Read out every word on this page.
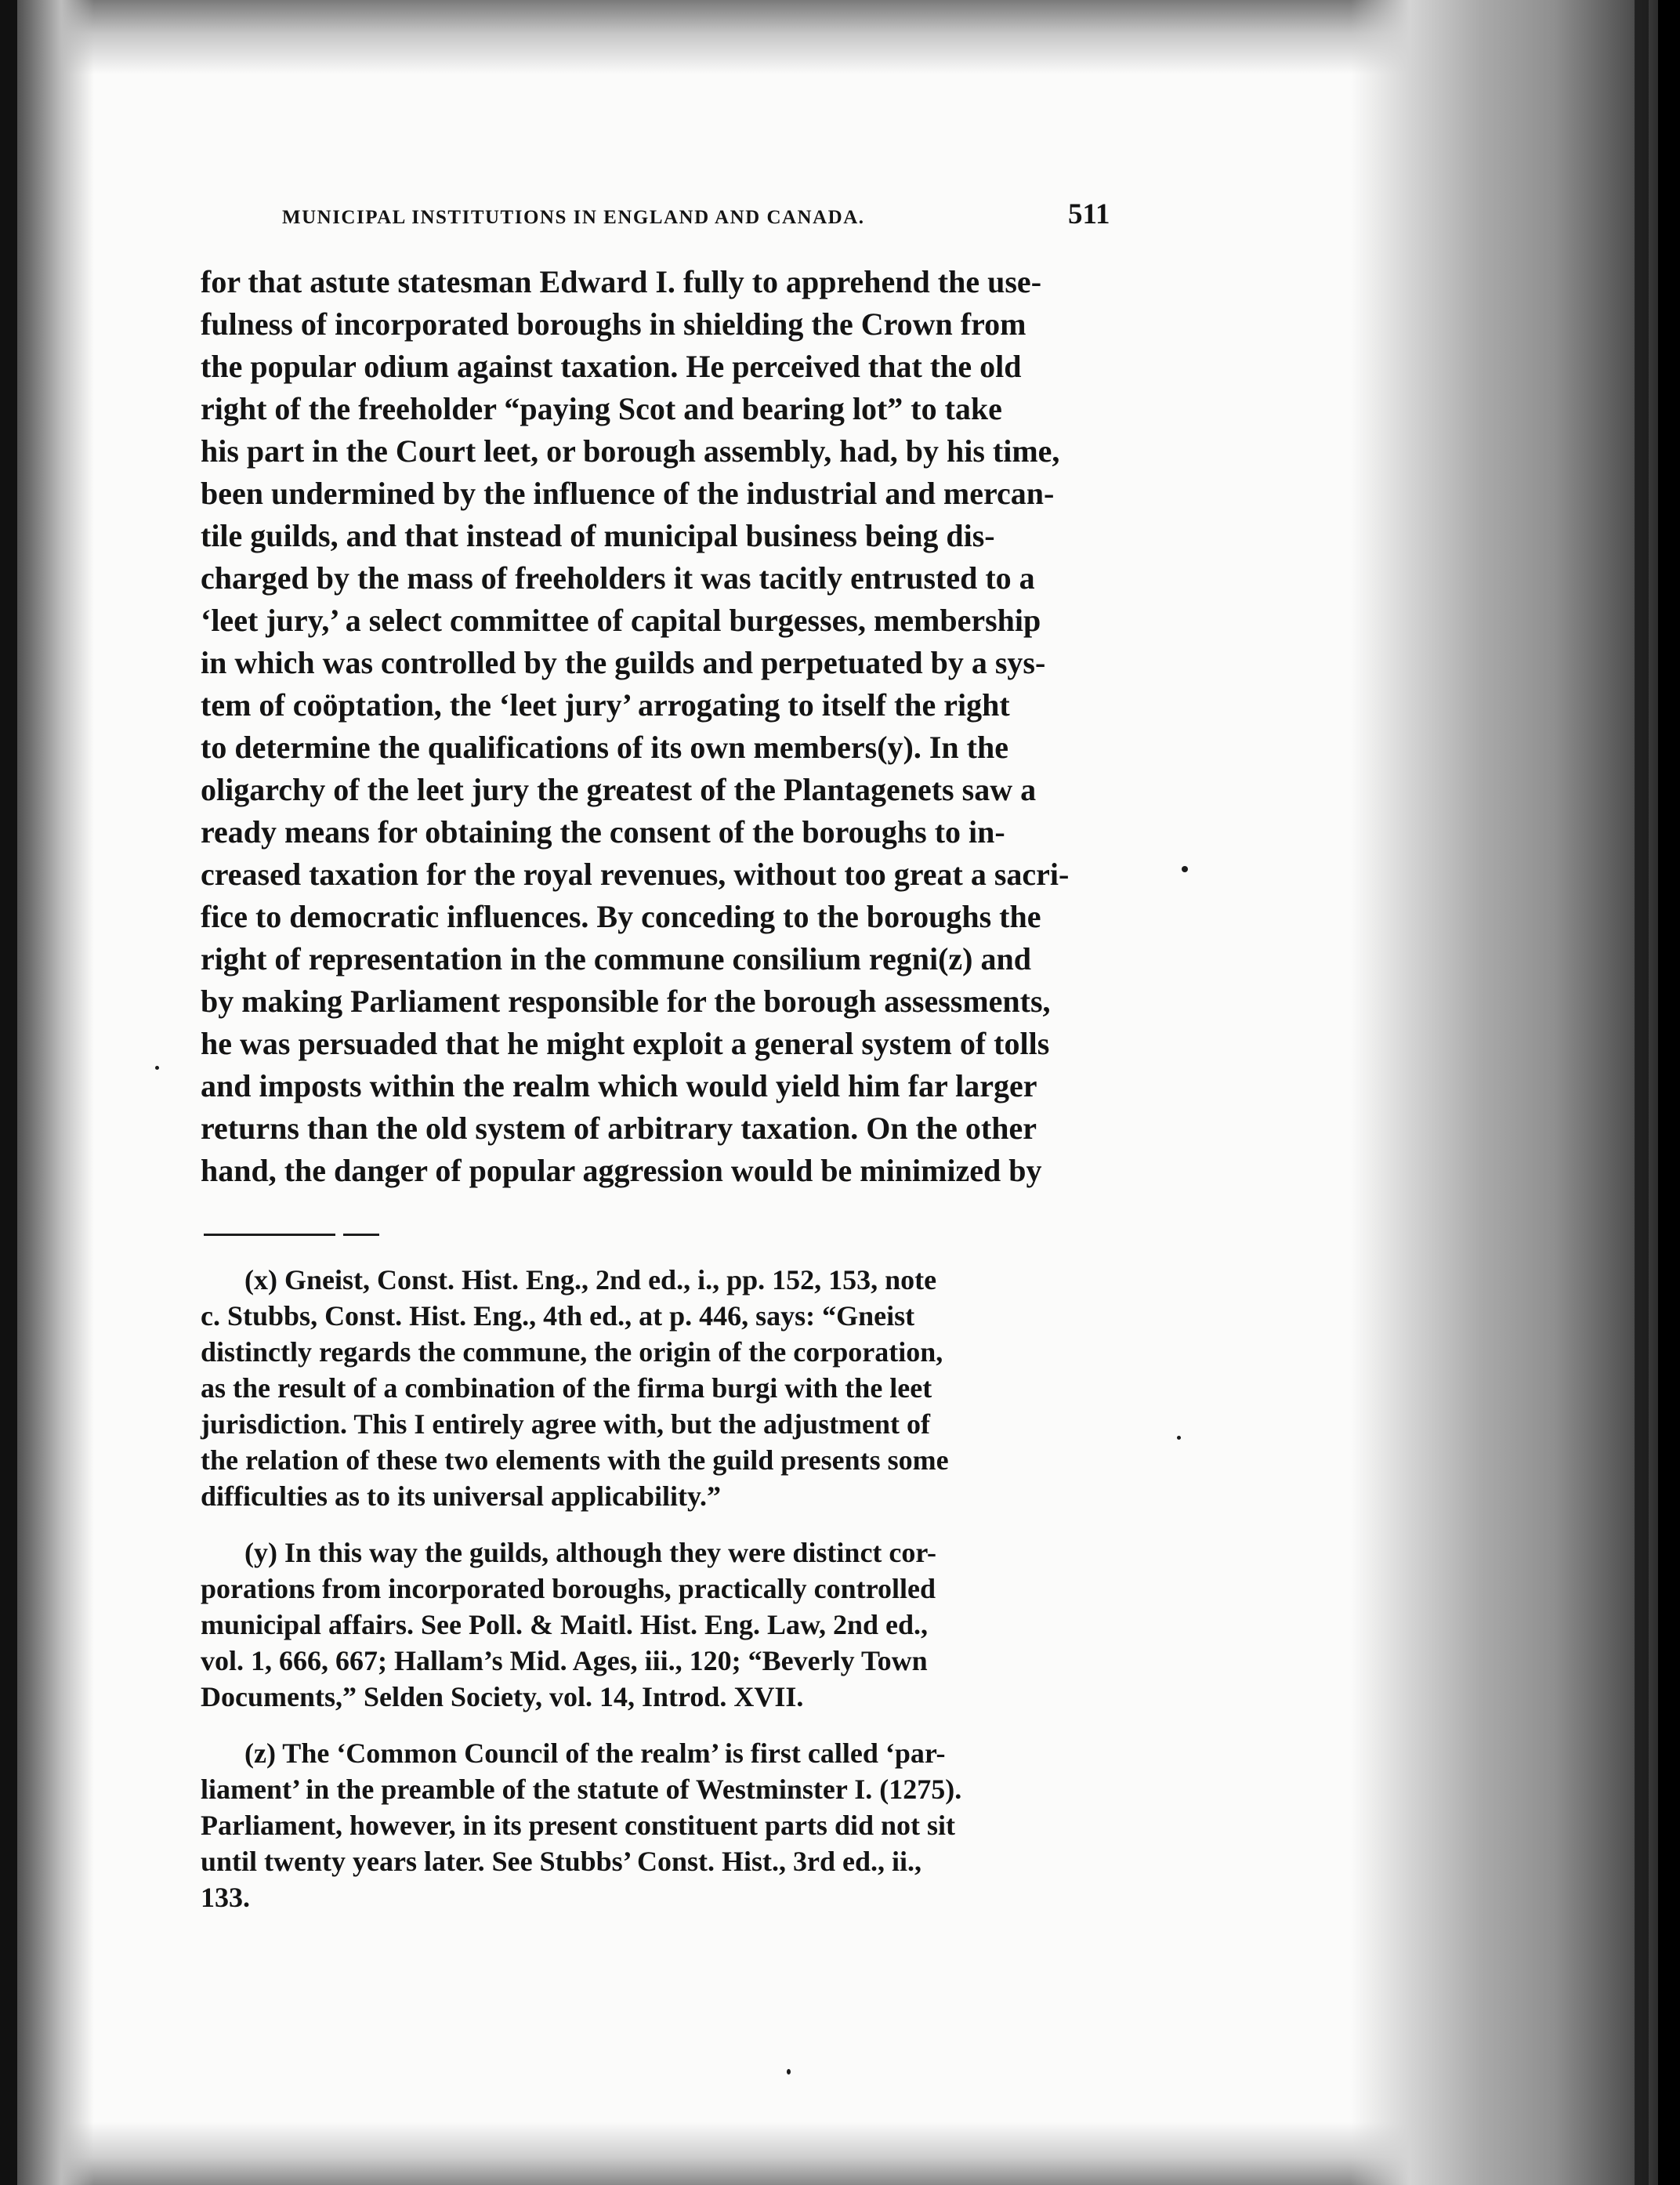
MUNICIPAL INSTITUTIONS IN ENGLAND AND CANADA.	511
for that astute statesman Edward I. fully to apprehend the use-
fulness of incorporated boroughs in shielding the Crown from
the popular odium against taxation. He perceived that the old
right of the freeholder “paying Scot and bearing lot” to take
his part in the Court leet, or borough assembly, had, by his time,
been undermined by the influence of the industrial and mercan-
tile guilds, and that instead of municipal business being dis-
charged by the mass of freeholders it was tacitly entrusted to a
‘leet jury,’ a select committee of capital burgesses, membership
in which was controlled by the guilds and perpetuated by a sys-
tem of coöptation, the ‘leet jury’ arrogating to itself the right
to determine the qualifications of its own members(y). In the
oligarchy of the leet jury the greatest of the Plantagenets saw a
ready means for obtaining the consent of the boroughs to in-
creased taxation for the royal revenues, without too great a sacri-
fice to democratic influences. By conceding to the boroughs the
right of representation in the commune consilium regni(z) and
by making Parliament responsible for the borough assessments,
he was persuaded that he might exploit a general system of tolls
and imposts within the realm which would yield him far larger
returns than the old system of arbitrary taxation. On the other
hand, the danger of popular aggression would be minimized by
(x) Gneist, Const. Hist. Eng., 2nd ed., i., pp. 152, 153, note
c. Stubbs, Const. Hist. Eng., 4th ed., at p. 446, says: “Gneist
distinctly regards the commune, the origin of the corporation,
as the result of a combination of the firma burgi with the leet
jurisdiction. This I entirely agree with, but the adjustment of
the relation of these two elements with the guild presents some
difficulties as to its universal applicability.”
(y) In this way the guilds, although they were distinct cor-
porations from incorporated boroughs, practically controlled
municipal affairs. See Poll. & Maitl. Hist. Eng. Law, 2nd ed.,
vol. 1, 666, 667; Hallam’s Mid. Ages, iii., 120; “Beverly Town
Documents,” Selden Society, vol. 14, Introd. XVII.
(z) The ‘Common Council of the realm’ is first called ‘par-
liament’ in the preamble of the statute of Westminster I. (1275).
Parliament, however, in its present constituent parts did not sit
until twenty years later. See Stubbs’ Const. Hist., 3rd ed., ii.,
133.
